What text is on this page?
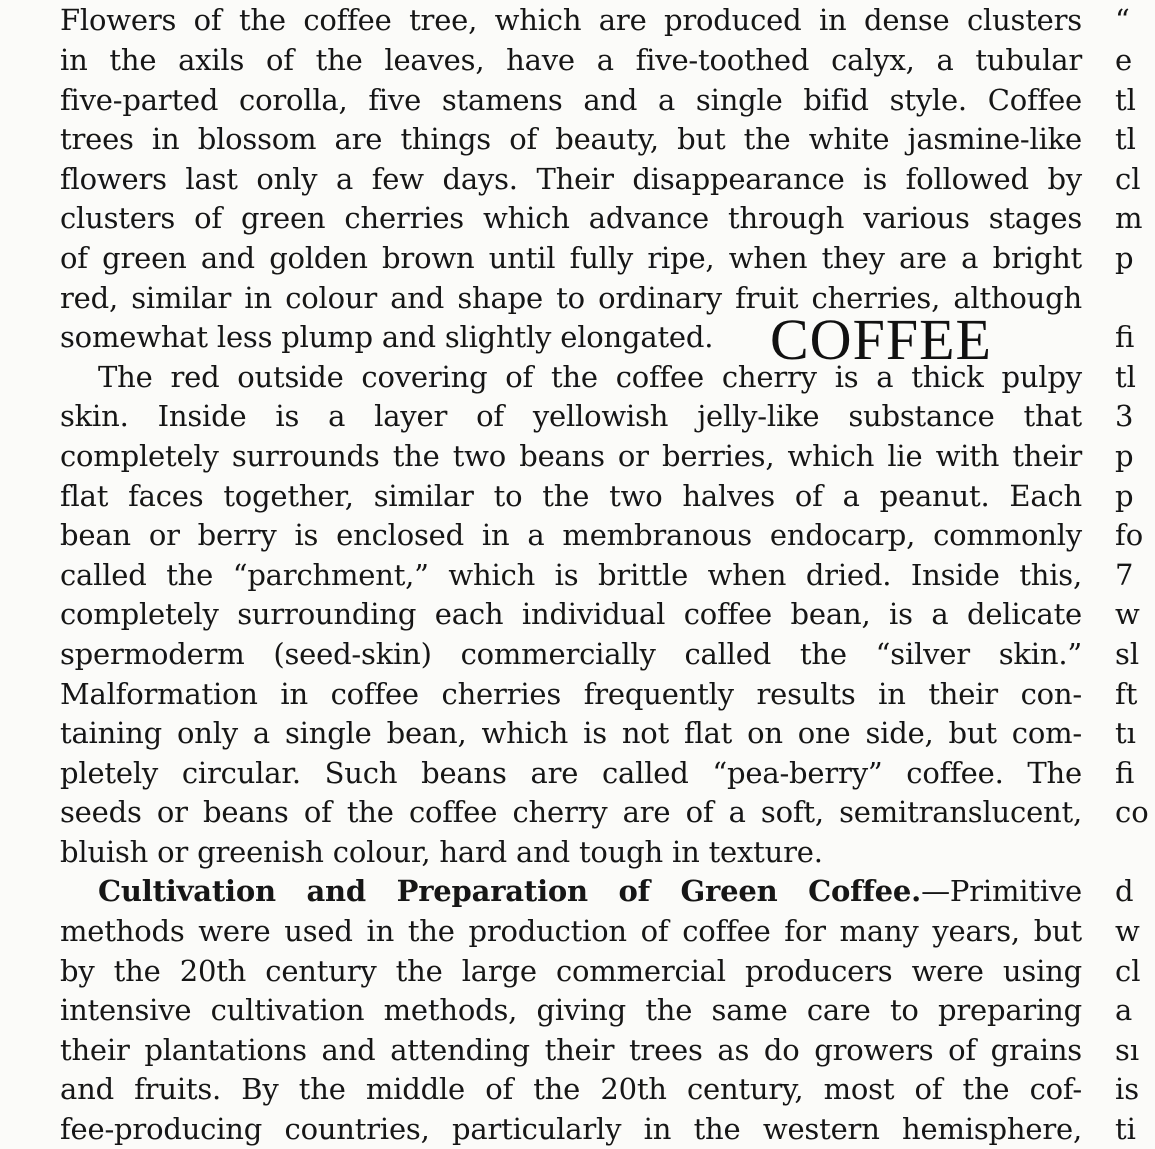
Flowers of the coffee tree, which are produced in dense clusters
in the axils of the leaves, have a five-toothed calyx, a tubular
five-parted corolla, five stamens and a single bifid style. Coffee
trees in blossom are things of beauty, but the white jasmine-like
flowers last only a few days. Their disappearance is followed by
clusters of green cherries which advance through various stages
of green and golden brown until fully ripe, when they are a bright
red, similar in colour and shape to ordinary fruit cherries, although
somewhat less plump and slightly elongated.
The red outside covering of the coffee cherry is a thick pulpy
skin. Inside is a layer of yellowish jelly-like substance that
completely surrounds the two beans or berries, which lie with their
flat faces together, similar to the two halves of a peanut. Each
bean or berry is enclosed in a membranous endocarp, commonly
called the “parchment,” which is brittle when dried. Inside this,
completely surrounding each individual coffee bean, is a delicate
spermoderm (seed-skin) commercially called the “silver skin.”
Malformation in coffee cherries frequently results in their con-
taining only a single bean, which is not flat on one side, but com-
pletely circular. Such beans are called “pea-berry” coffee. The
seeds or beans of the coffee cherry are of a soft, semitranslucent,
bluish or greenish colour, hard and tough in texture.
Cultivation and Preparation of Green Coffee.—Primitive
methods were used in the production of coffee for many years, but
by the 20th century the large commercial producers were using
intensive cultivation methods, giving the same care to preparing
their plantations and attending their trees as do growers of grains
and fruits. By the middle of the 20th century, most of the cof-
fee-producing countries, particularly in the western hemisphere,
COFFEE
“
e
tl
tl
cl
m
p
fi
tl
3
p
p
fo
7
w
sl
ft
tı
fi
co
d
w
cl
a
sı
is
ti
